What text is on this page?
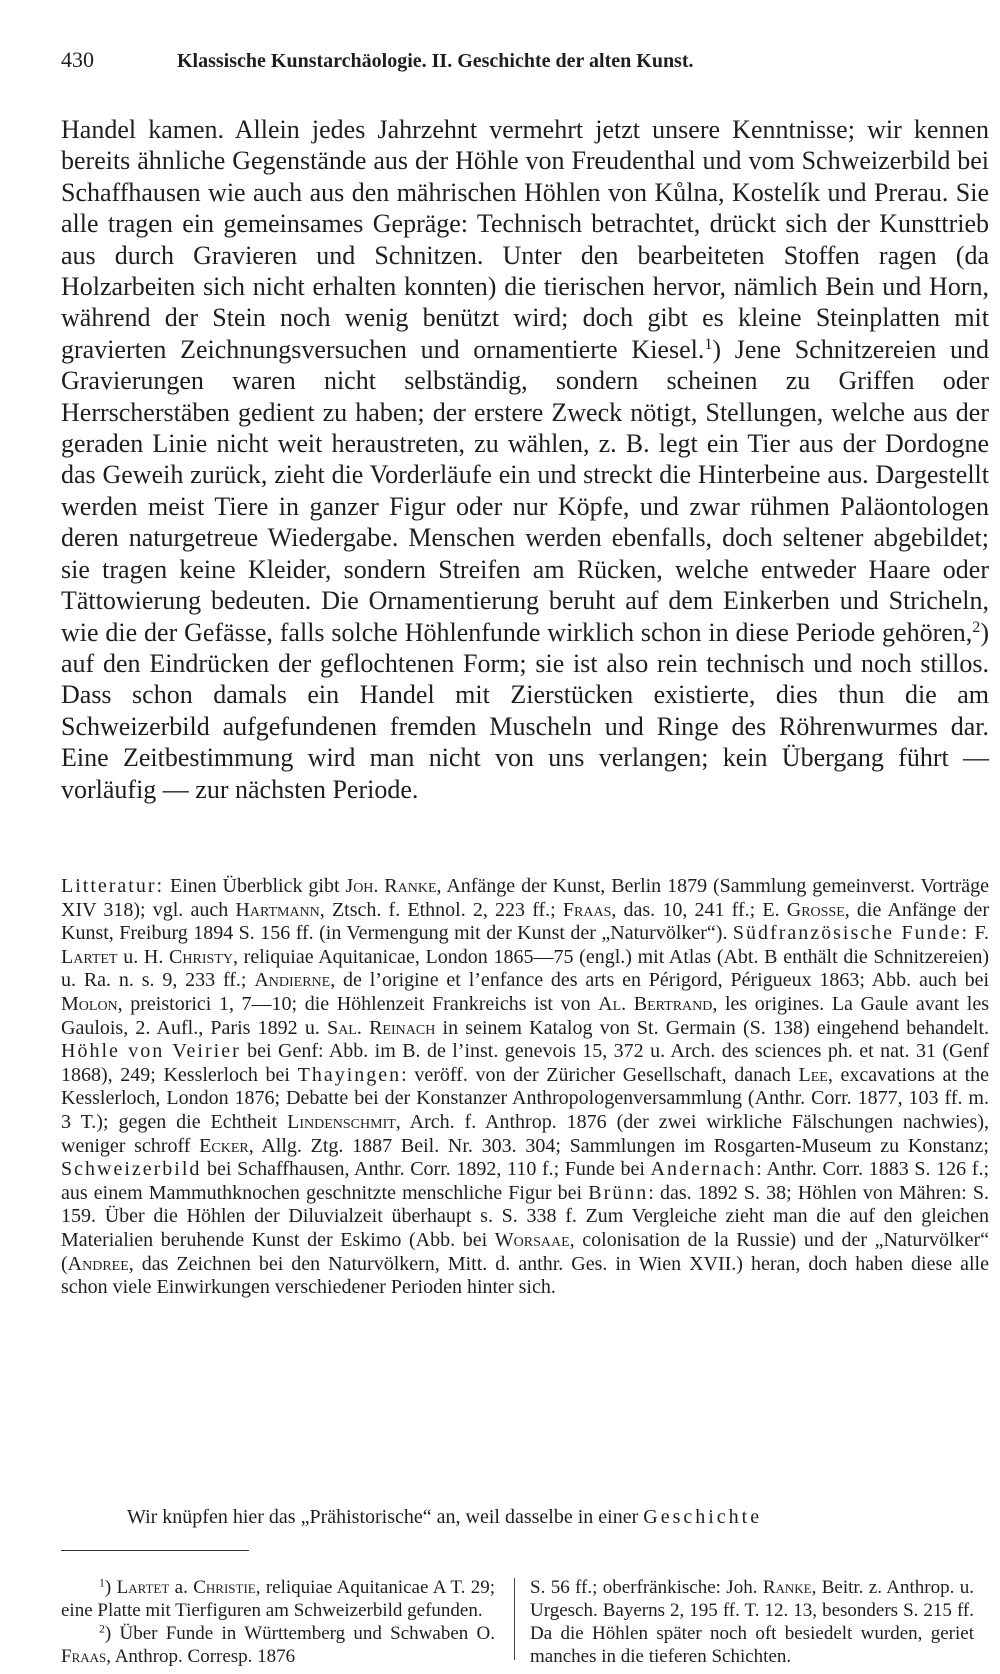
430	Klassische Kunstarchäologie. II. Geschichte der alten Kunst.

Handel kamen. Allein jedes Jahrzehnt vermehrt jetzt unsere Kenntnisse; wir kennen bereits ähnliche Gegenstände aus der Höhle von Freudenthal und vom Schweizerbild bei Schaffhausen wie auch aus den mährischen Höhlen von Kůlna, Kostelík und Prerau. Sie alle tragen ein gemeinsames Gepräge: Technisch betrachtet, drückt sich der Kunsttrieb aus durch Gravieren und Schnitzen. Unter den bearbeiteten Stoffen ragen (da Holzarbeiten sich nicht erhalten konnten) die tierischen hervor, nämlich Bein und Horn, während der Stein noch wenig benützt wird; doch gibt es kleine Steinplatten mit gravierten Zeichnungsversuchen und ornamentierte Kiesel.$^1$) Jene Schnitzereien und Gravierungen waren nicht selbständig, sondern scheinen zu Griffen oder Herrscherstäben gedient zu haben; der erstere Zweck nötigt, Stellungen, welche aus der geraden Linie nicht weit heraustreten, zu wählen, z. B. legt ein Tier aus der Dordogne das Geweih zurück, zieht die Vorderläufe ein und streckt die Hinterbeine aus. Dargestellt werden meist Tiere in ganzer Figur oder nur Köpfe, und zwar rühmen Paläontologen deren naturgetreue Wiedergabe. Menschen werden ebenfalls, doch seltener abgebildet; sie tragen keine Kleider, sondern Streifen am Rücken, welche entweder Haare oder Tättowierung bedeuten. Die Ornamentierung beruht auf dem Einkerben und Stricheln, wie die der Gefässe, falls solche Höhlenfunde wirklich schon in diese Periode gehören,$^2$) auf den Eindrücken der geflochtenen Form; sie ist also rein technisch und noch stillos. Dass schon damals ein Handel mit Zierstücken existierte, dies thun die am Schweizerbild aufgefundenen fremden Muscheln und Ringe des Röhrenwurmes dar. Eine Zeitbestimmung wird man nicht von uns verlangen; kein Übergang führt — vorläufig — zur nächsten Periode.

Litteratur: Einen Überblick gibt Joh. Ranke, Anfänge der Kunst, Berlin 1879 (Sammlung gemeinverst. Vorträge XIV 318); vgl. auch Hartmann, Ztsch. f. Ethnol. 2, 223 ff.; Fraas, das. 10, 241 ff.; E. Grosse, die Anfänge der Kunst, Freiburg 1894 S. 156 ff. (in Vermengung mit der Kunst der „Naturvölker“). Südfranzösische Funde: F. Lartet u. H. Christy, reliquiae Aquitanicae, London 1865—75 (engl.) mit Atlas (Abt. B enthält die Schnitzereien) u. Ra. n. s. 9, 233 ff.; Andierne, de l’origine et l’enfance des arts en Périgord, Périgueux 1863; Abb. auch bei Molon, preistorici 1, 7—10; die Höhlenzeit Frankreichs ist von Al. Bertrand, les origines. La Gaule avant les Gaulois, 2. Aufl., Paris 1892 u. Sal. Reinach in seinem Katalog von St. Germain (S. 138) eingehend behandelt. Höhle von Veirier bei Genf: Abb. im B. de l’inst. genevois 15, 372 u. Arch. des sciences ph. et nat. 31 (Genf 1868), 249; Kesslerloch bei Thayingen: veröff. von der Züricher Gesellschaft, danach Lee, excavations at the Kesslerloch, London 1876; Debatte bei der Konstanzer Anthropologenversammlung (Anthr. Corr. 1877, 103 ff. m. 3 T.); gegen die Echtheit Lindenschmit, Arch. f. Anthrop. 1876 (der zwei wirkliche Fälschungen nachwies), weniger schroff Ecker, Allg. Ztg. 1887 Beil. Nr. 303. 304; Sammlungen im Rosgarten-Museum zu Konstanz; Schweizerbild bei Schaffhausen, Anthr. Corr. 1892, 110 f.; Funde bei Andernach: Anthr. Corr. 1883 S. 126 f.; aus einem Mammuthknochen geschnitzte menschliche Figur bei Brünn: das. 1892 S. 38; Höhlen von Mähren: S. 159. Über die Höhlen der Diluvialzeit überhaupt s. S. 338 f. Zum Vergleiche zieht man die auf den gleichen Materialien beruhende Kunst der Eskimo (Abb. bei Worsaae, colonisation de la Russie) und der „Naturvölker“ (Andree, das Zeichnen bei den Naturvölkern, Mitt. d. anthr. Ges. in Wien XVII.) heran, doch haben diese alle schon viele Einwirkungen verschiedener Perioden hinter sich.

Wir knüpfen hier das „Prähistorische“ an, weil dasselbe in einer Geschichte

$^1$) Lartet a. Christie, reliquiae Aquitanicae A T. 29; eine Platte mit Tierfiguren am Schweizerbild gefunden.
$^2$) Über Funde in Württemberg und Schwaben O. Fraas, Anthrop. Corresp. 1876
S. 56 ff.; oberfränkische: Joh. Ranke, Beitr. z. Anthrop. u. Urgesch. Bayerns 2, 195 ff. T. 12. 13, besonders S. 215 ff. Da die Höhlen später noch oft besiedelt wurden, geriet manches in die tieferen Schichten.
